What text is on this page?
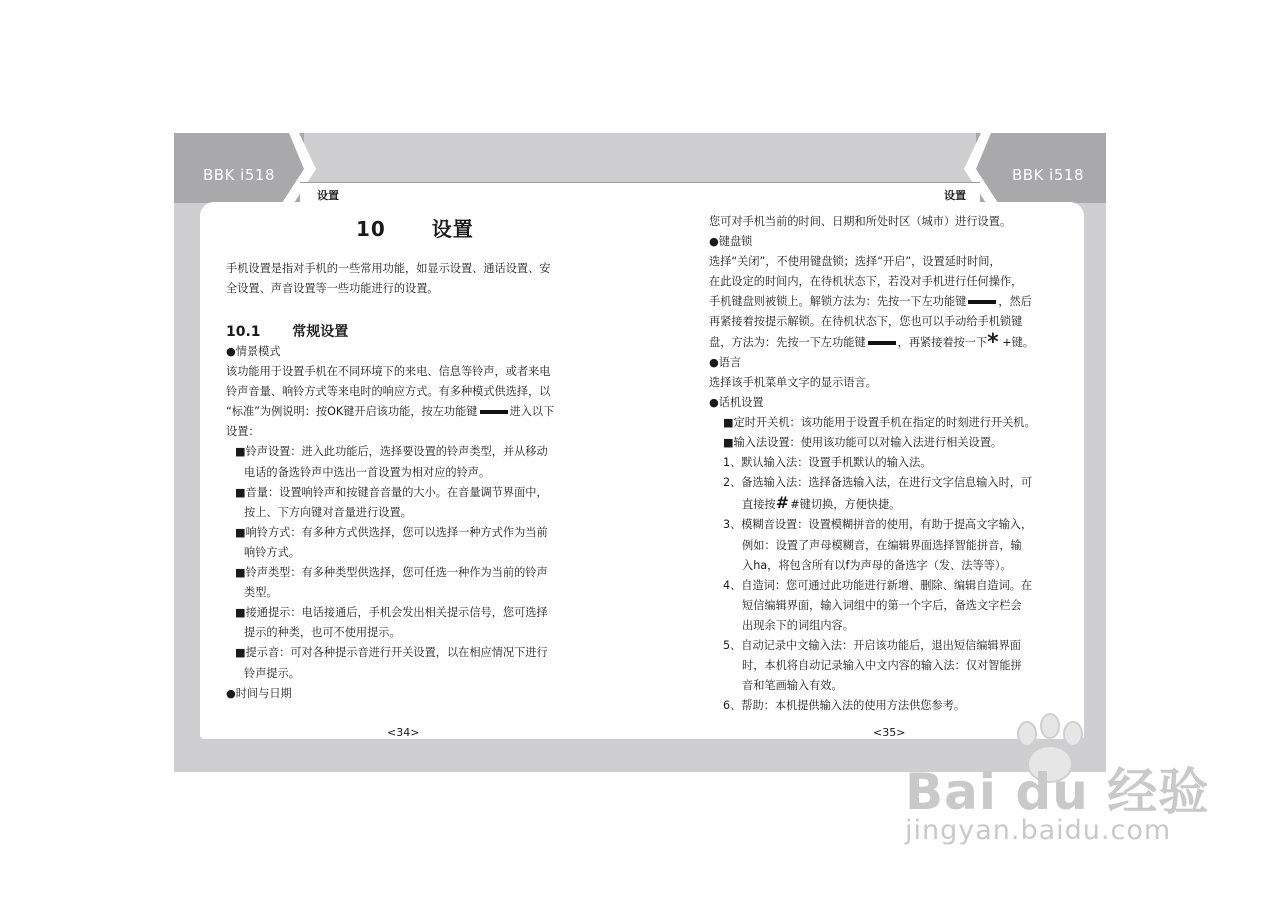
BBK i518	BBK i518
设置	设置
10 设置

手机设置是指对手机的一些常用功能，如显示设置、通话设置、安

全设置、声音设置等一些功能进行的设置。

10.1 常规设置

●情景模式

该功能用于设置手机在不同环境下的来电、信息等铃声，或者来电

铃声音量、响铃方式等来电时的响应方式。有多种模式供选择，以

“标准”为例说明：按OK键开启该功能，按左功能键	进入以下

设置：

■铃声设置：进入此功能后，选择要设置的铃声类型，并从移动

电话的备选铃声中选出一首设置为相对应的铃声。

■音量：设置响铃声和按键音音量的大小。在音量调节界面中，

按上、下方向键对音量进行设置。

■响铃方式：有多种方式供选择，您可以选择一种方式作为当前

响铃方式。

■铃声类型：有多种类型供选择，您可任选一种作为当前的铃声

类型。

■接通提示：电话接通后，手机会发出相关提示信号，您可选择

提示的种类，也可不使用提示。

■提示音：可对各种提示音进行开关设置，以在相应情况下进行

铃声提示。

●时间与日期

<34>

您可对手机当前的时间、日期和所处时区（城市）进行设置。

●键盘锁

选择“关闭”，不使用键盘锁；选择“开启”，设置延时时间，

在此设定的时间内，在待机状态下，若没对手机进行任何操作，

手机键盘则被锁上。解锁方法为：先按一下左功能键	，然后

再紧接着按提示解锁。在待机状态下，您也可以手动给手机锁键

盘，方法为：先按一下左功能键	，再紧接着按一下* +键。

●语言

选择该手机菜单文字的显示语言。

●话机设置

■定时开关机：该功能用于设置手机在指定的时刻进行开关机。

■输入法设置：使用该功能可以对输入法进行相关设置。

1、默认输入法：设置手机默认的输入法。

2、备选输入法：选择备选输入法，在进行文字信息输入时，可

直接按# #键切换，方便快捷。

3、模糊音设置：设置模糊拼音的使用，有助于提高文字输入，

例如：设置了声母模糊音，在编辑界面选择智能拼音，输

入ha，将包含所有以f为声母的备选字（发、法等等）。

4、自造词：您可通过此功能进行新增、删除、编辑自造词。在

短信编辑界面，输入词组中的第一个字后，备选文字栏会

出现余下的词组内容。

5、自动记录中文输入法：开启该功能后，退出短信编辑界面

时，本机将自动记录输入中文内容的输入法：仅对智能拼

音和笔画输入有效。

6、帮助：本机提供输入法的使用方法供您参考。

<35>
Bai du 经验
jingyan.baidu.com
